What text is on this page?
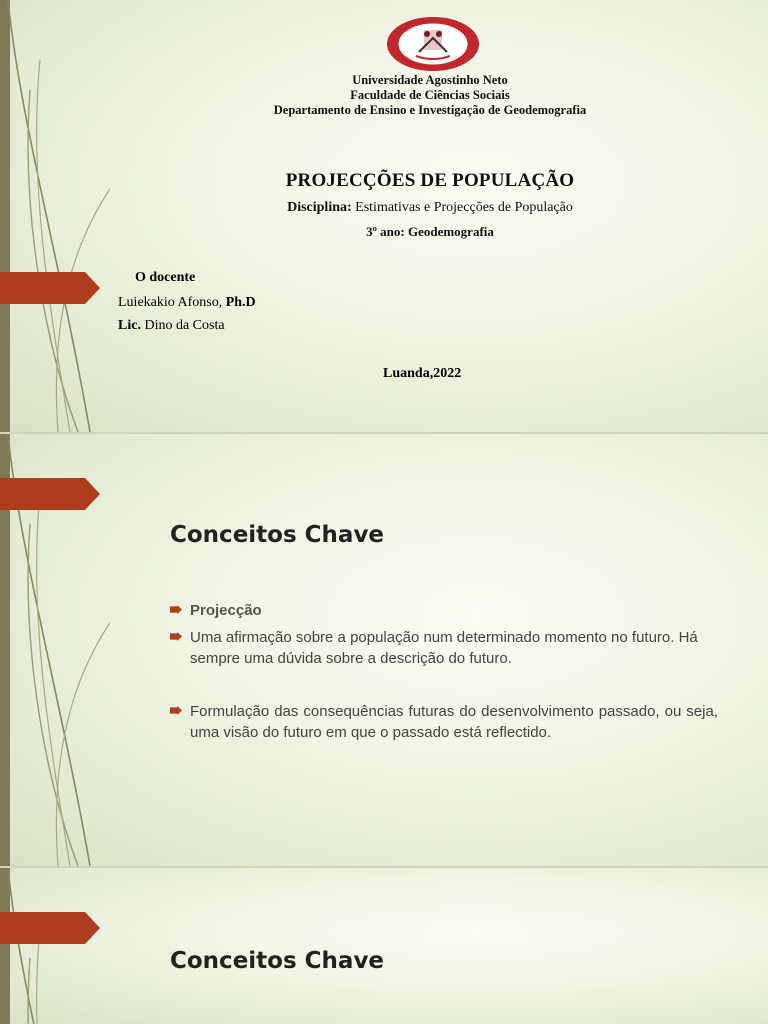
Universidade Agostinho Neto
Faculdade de Ciências Sociais
Departamento de Ensino e Investigação de Geodemografia
PROJECÇÕES DE POPULAÇÃO
Disciplina: Estimativas e Projecções de População
3º ano: Geodemografia
O docente
Luiekakio Afonso, Ph.D
Lic. Dino da Costa
Luanda,2022
Conceitos Chave
Projecção
Uma afirmação sobre a população num determinado momento no futuro. Há sempre uma dúvida sobre a descrição do futuro.
Formulação das consequências futuras do desenvolvimento passado, ou seja, uma visão do futuro em que o passado está reflectido.
Conceitos Chave
